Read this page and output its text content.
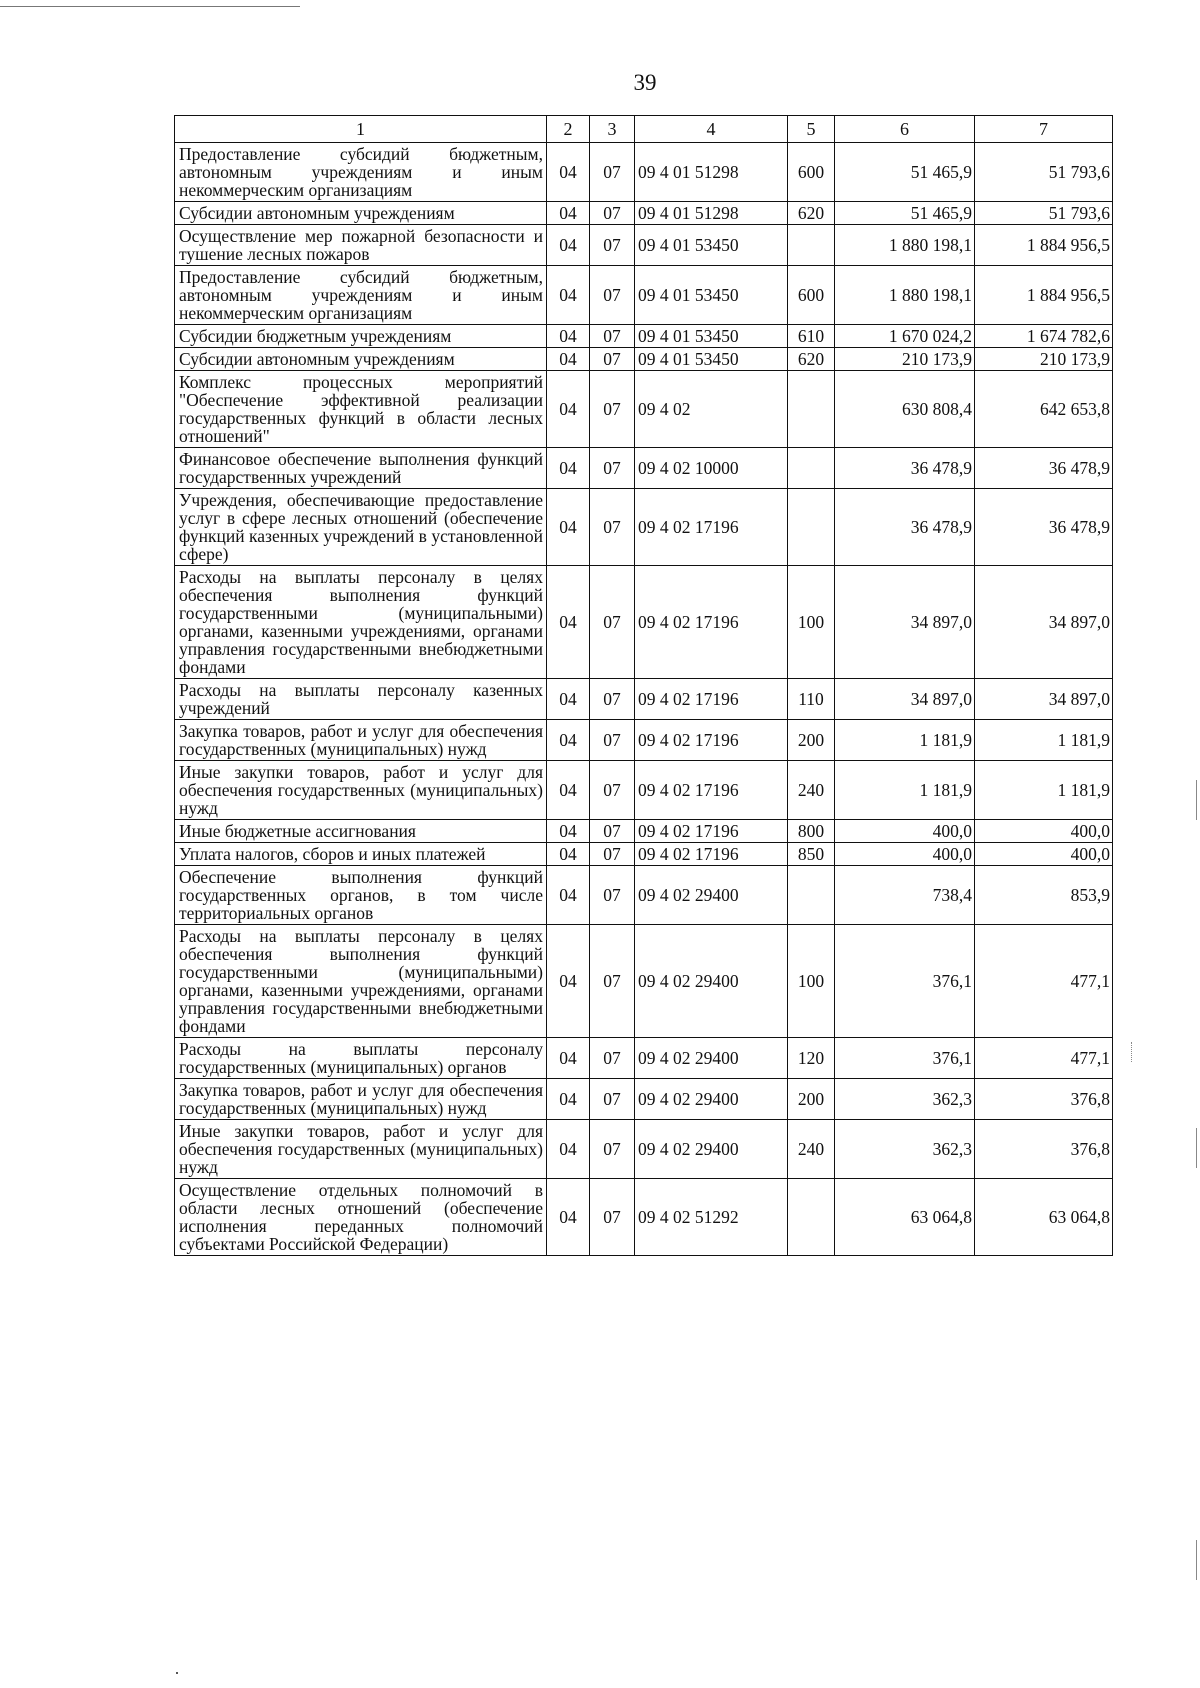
39
1	2	3	4	5	6	7
Предоставление субсидий бюджетным, автономным учреждениям и иным некоммерческим организациям	04	07	09 4 01 51298	600	51 465,9	51 793,6
Субсидии автономным учреждениям	04	07	09 4 01 51298	620	51 465,9	51 793,6
Осуществление мер пожарной безопасности и тушение лесных пожаров	04	07	09 4 01 53450		1 880 198,1	1 884 956,5
Предоставление субсидий бюджетным, автономным учреждениям и иным некоммерческим организациям	04	07	09 4 01 53450	600	1 880 198,1	1 884 956,5
Субсидии бюджетным учреждениям	04	07	09 4 01 53450	610	1 670 024,2	1 674 782,6
Субсидии автономным учреждениям	04	07	09 4 01 53450	620	210 173,9	210 173,9
Комплекс процессных мероприятий "Обеспечение эффективной реализации государственных функций в области лесных отношений"	04	07	09 4 02		630 808,4	642 653,8
Финансовое обеспечение выполнения функций государственных учреждений	04	07	09 4 02 10000		36 478,9	36 478,9
Учреждения, обеспечивающие предоставление услуг в сфере лесных отношений (обеспечение функций казенных учреждений в установленной сфере)	04	07	09 4 02 17196		36 478,9	36 478,9
Расходы на выплаты персоналу в целях обеспечения выполнения функций государственными (муниципальными) органами, казенными учреждениями, органами управления государственными внебюджетными фондами	04	07	09 4 02 17196	100	34 897,0	34 897,0
Расходы на выплаты персоналу казенных учреждений	04	07	09 4 02 17196	110	34 897,0	34 897,0
Закупка товаров, работ и услуг для обеспечения государственных (муниципальных) нужд	04	07	09 4 02 17196	200	1 181,9	1 181,9
Иные закупки товаров, работ и услуг для обеспечения государственных (муниципальных) нужд	04	07	09 4 02 17196	240	1 181,9	1 181,9
Иные бюджетные ассигнования	04	07	09 4 02 17196	800	400,0	400,0
Уплата налогов, сборов и иных платежей	04	07	09 4 02 17196	850	400,0	400,0
Обеспечение выполнения функций государственных органов, в том числе территориальных органов	04	07	09 4 02 29400		738,4	853,9
Расходы на выплаты персоналу в целях обеспечения выполнения функций государственными (муниципальными) органами, казенными учреждениями, органами управления государственными внебюджетными фондами	04	07	09 4 02 29400	100	376,1	477,1
Расходы на выплаты персоналу государственных (муниципальных) органов	04	07	09 4 02 29400	120	376,1	477,1
Закупка товаров, работ и услуг для обеспечения государственных (муниципальных) нужд	04	07	09 4 02 29400	200	362,3	376,8
Иные закупки товаров, работ и услуг для обеспечения государственных (муниципальных) нужд	04	07	09 4 02 29400	240	362,3	376,8
Осуществление отдельных полномочий в области лесных отношений (обеспечение исполнения переданных полномочий субъектами Российской Федерации)	04	07	09 4 02 51292		63 064,8	63 064,8
